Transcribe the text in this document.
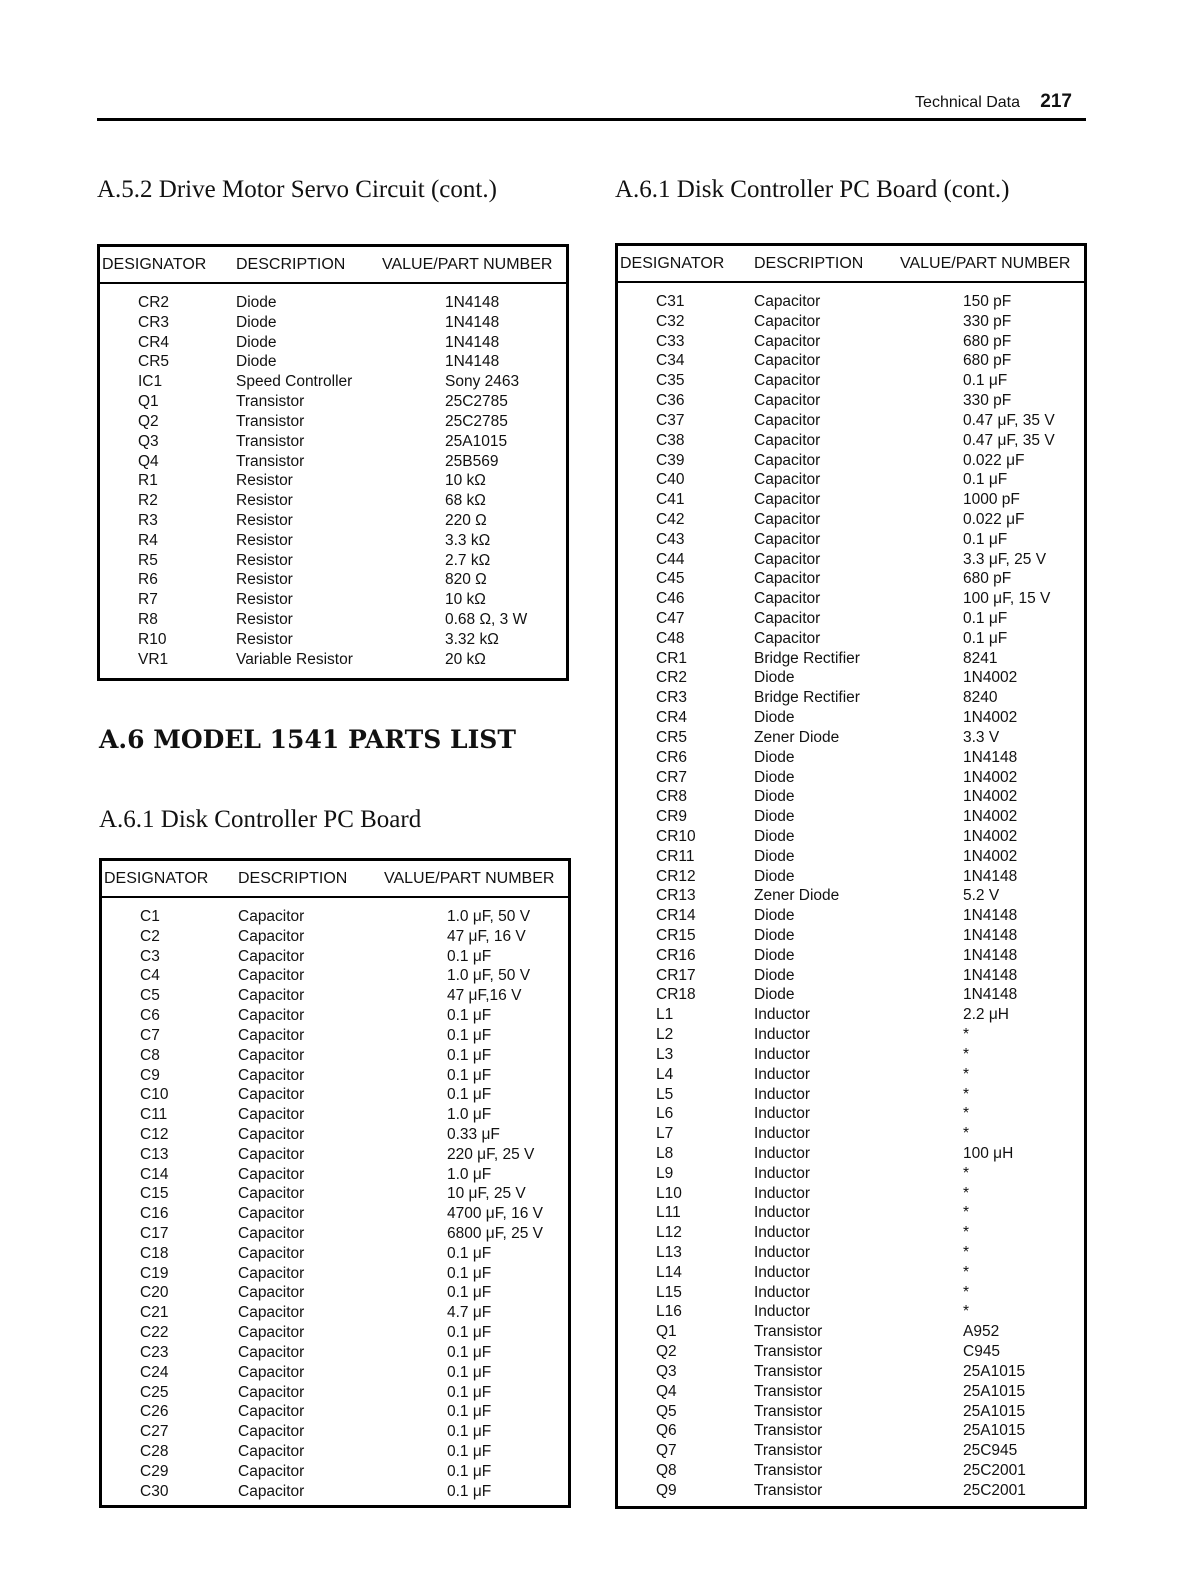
Technical Data 217
A.5.2 Drive Motor Servo Circuit (cont.)	A.6.1 Disk Controller PC Board (cont.)
DESIGNATOR DESCRIPTION VALUE/PART NUMBER
CR2	Diode	1N4148
CR3	Diode	1N4148
CR4	Diode	1N4148
CR5	Diode	1N4148
IC1	Speed Controller	Sony 2463
Q1	Transistor	25C2785
Q2	Transistor	25C2785
Q3	Transistor	25A1015
Q4	Transistor	25B569
R1	Resistor	10 kΩ
R2	Resistor	68 kΩ
R3	Resistor	220 Ω
R4	Resistor	3.3 kΩ
R5	Resistor	2.7 kΩ
R6	Resistor	820 Ω
R7	Resistor	10 kΩ
R8	Resistor	0.68 Ω, 3 W
R10	Resistor	3.32 kΩ
VR1	Variable Resistor	20 kΩ
A.6 MODEL 1541 PARTS LIST
A.6.1 Disk Controller PC Board
DESIGNATOR DESCRIPTION VALUE/PART NUMBER
C1	Capacitor	1.0 μF, 50 V
C2	Capacitor	47 μF, 16 V
C3	Capacitor	0.1 μF
C4	Capacitor	1.0 μF, 50 V
C5	Capacitor	47 μF,16 V
C6	Capacitor	0.1 μF
C7	Capacitor	0.1 μF
C8	Capacitor	0.1 μF
C9	Capacitor	0.1 μF
C10	Capacitor	0.1 μF
C11	Capacitor	1.0 μF
C12	Capacitor	0.33 μF
C13	Capacitor	220 μF, 25 V
C14	Capacitor	1.0 μF
C15	Capacitor	10 μF, 25 V
C16	Capacitor	4700 μF, 16 V
C17	Capacitor	6800 μF, 25 V
C18	Capacitor	0.1 μF
C19	Capacitor	0.1 μF
C20	Capacitor	0.1 μF
C21	Capacitor	4.7 μF
C22	Capacitor	0.1 μF
C23	Capacitor	0.1 μF
C24	Capacitor	0.1 μF
C25	Capacitor	0.1 μF
C26	Capacitor	0.1 μF
C27	Capacitor	0.1 μF
C28	Capacitor	0.1 μF
C29	Capacitor	0.1 μF
C30	Capacitor	0.1 μF
DESIGNATOR DESCRIPTION VALUE/PART NUMBER
C31	Capacitor	150 pF
C32	Capacitor	330 pF
C33	Capacitor	680 pF
C34	Capacitor	680 pF
C35	Capacitor	0.1 μF
C36	Capacitor	330 pF
C37	Capacitor	0.47 μF, 35 V
C38	Capacitor	0.47 μF, 35 V
C39	Capacitor	0.022 μF
C40	Capacitor	0.1 μF
C41	Capacitor	1000 pF
C42	Capacitor	0.022 μF
C43	Capacitor	0.1 μF
C44	Capacitor	3.3 μF, 25 V
C45	Capacitor	680 pF
C46	Capacitor	100 μF, 15 V
C47	Capacitor	0.1 μF
C48	Capacitor	0.1 μF
CR1	Bridge Rectifier	8241
CR2	Diode	1N4002
CR3	Bridge Rectifier	8240
CR4	Diode	1N4002
CR5	Zener Diode	3.3 V
CR6	Diode	1N4148
CR7	Diode	1N4002
CR8	Diode	1N4002
CR9	Diode	1N4002
CR10	Diode	1N4002
CR11	Diode	1N4002
CR12	Diode	1N4148
CR13	Zener Diode	5.2 V
CR14	Diode	1N4148
CR15	Diode	1N4148
CR16	Diode	1N4148
CR17	Diode	1N4148
CR18	Diode	1N4148
L1	Inductor	2.2 μH
L2	Inductor	*
L3	Inductor	*
L4	Inductor	*
L5	Inductor	*
L6	Inductor	*
L7	Inductor	*
L8	Inductor	100 μH
L9	Inductor	*
L10	Inductor	*
L11	Inductor	*
L12	Inductor	*
L13	Inductor	*
L14	Inductor	*
L15	Inductor	*
L16	Inductor	*
Q1	Transistor	A952
Q2	Transistor	C945
Q3	Transistor	25A1015
Q4	Transistor	25A1015
Q5	Transistor	25A1015
Q6	Transistor	25A1015
Q7	Transistor	25C945
Q8	Transistor	25C2001
Q9	Transistor	25C2001
